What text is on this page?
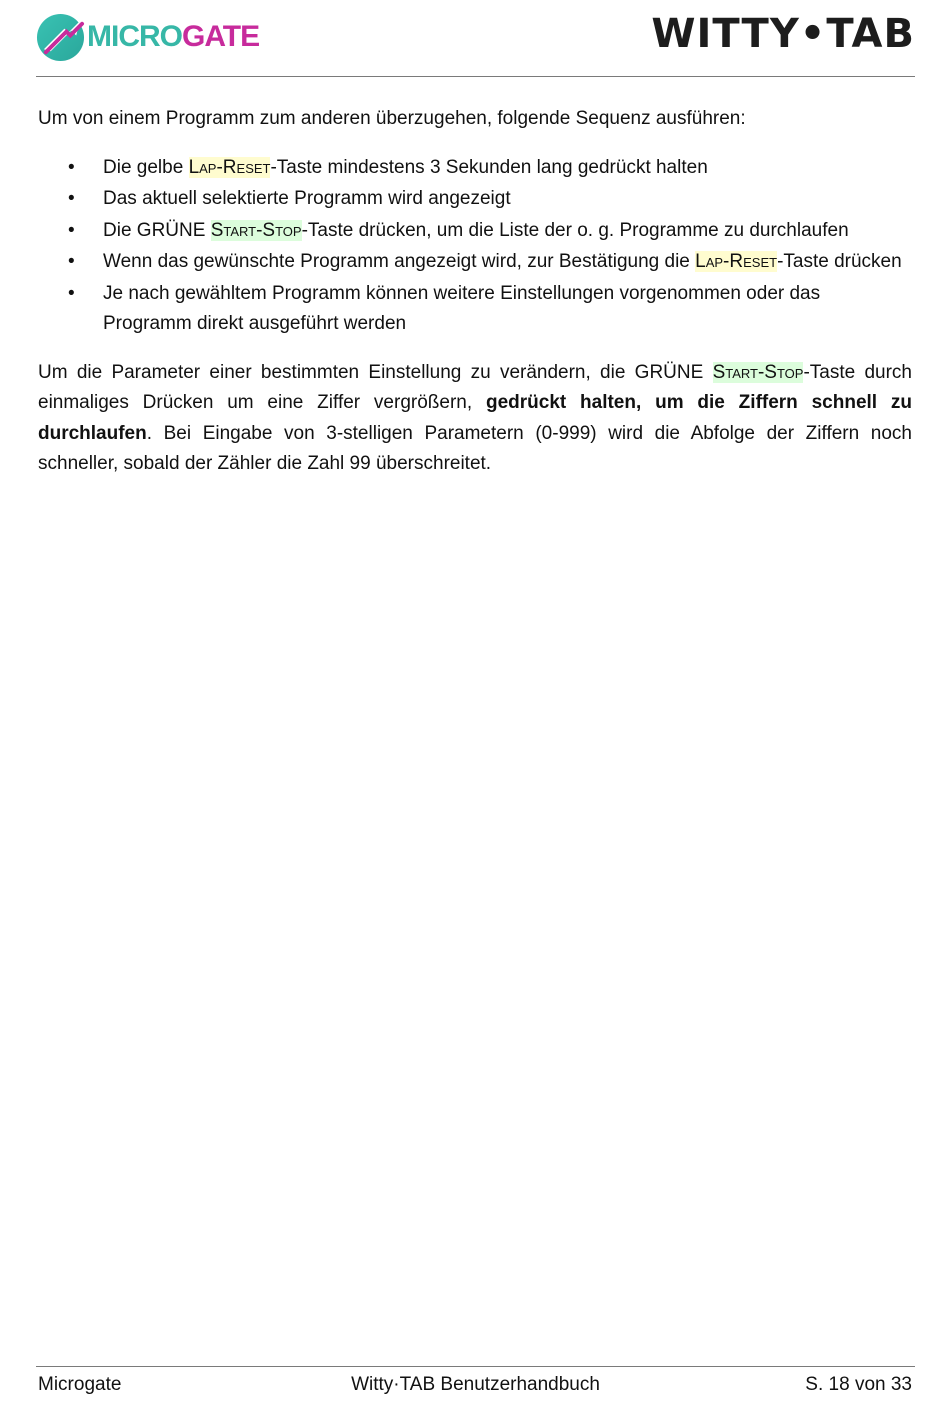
MICROGATE	WITTY•TAB

Um von einem Programm zum anderen überzugehen, folgende Sequenz ausführen:

• Die gelbe Lap-Reset-Taste mindestens 3 Sekunden lang gedrückt halten
• Das aktuell selektierte Programm wird angezeigt
• Die GRÜNE Start-Stop-Taste drücken, um die Liste der o. g. Programme zu durchlaufen
• Wenn das gewünschte Programm angezeigt wird, zur Bestätigung die Lap-Reset-Taste drücken
• Je nach gewähltem Programm können weitere Einstellungen vorgenommen oder das Programm direkt ausgeführt werden

Um die Parameter einer bestimmten Einstellung zu verändern, die GRÜNE Start-Stop-Taste durch einmaliges Drücken um eine Ziffer vergrößern, gedrückt halten, um die Ziffern schnell zu durchlaufen. Bei Eingabe von 3-stelligen Parametern (0-999) wird die Abfolge der Ziffern noch schneller, sobald der Zähler die Zahl 99 überschreitet.

Microgate	Witty·TAB Benutzerhandbuch	S. 18 von 33
